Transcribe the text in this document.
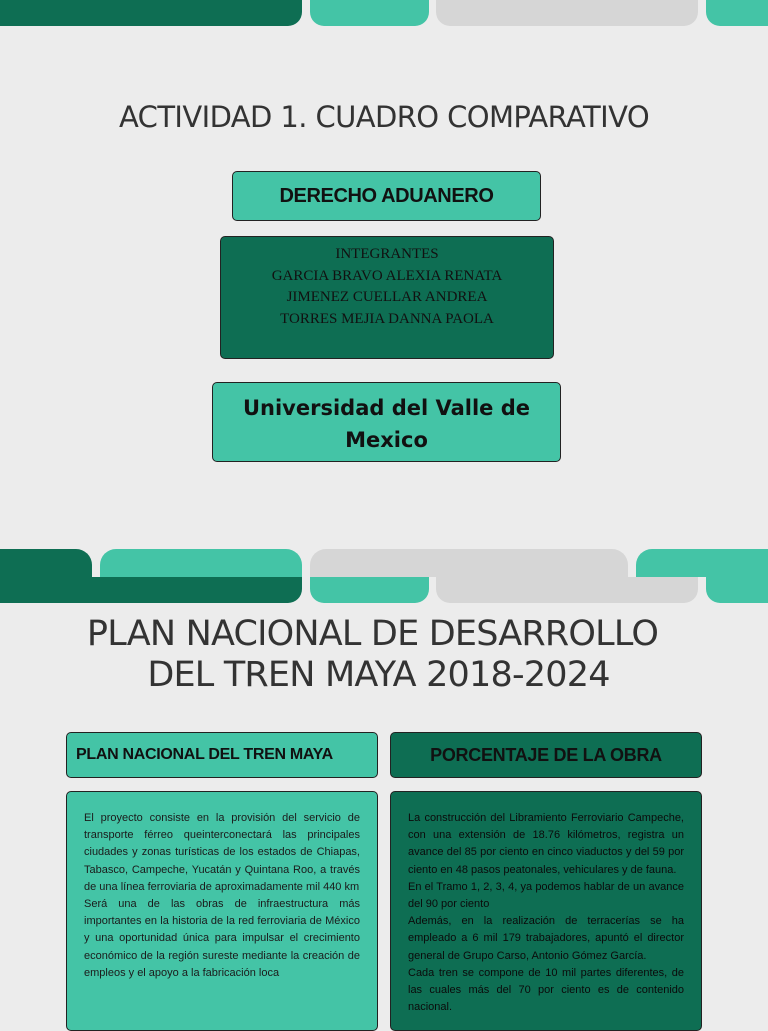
ACTIVIDAD 1. CUADRO COMPARATIVO
DERECHO ADUANERO
INTEGRANTES
GARCIA BRAVO ALEXIA RENATA
JIMENEZ CUELLAR ANDREA
TORRES MEJIA DANNA PAOLA
Universidad del Valle de Mexico
PLAN NACIONAL DE DESARROLLO
DEL TREN MAYA 2018-2024
PLAN NACIONAL DEL TREN MAYA	PORCENTAJE DE LA OBRA

El proyecto consiste en la provisión del servicio de transporte férreo queinterconectará las principales ciudades y zonas turísticas de los estados de Chiapas, Tabasco, Campeche, Yucatán y Quintana Roo, a través de una línea ferroviaria de aproximadamente mil 440 km

Será una de las obras de infraestructura más importantes en la historia de la red ferroviaria de México y una oportunidad única para impulsar el crecimiento económico de la región sureste mediante la creación de empleos y el apoyo a la fabricación loca

La construcción del Libramiento Ferroviario Campeche, con una extensión de 18.76 kilómetros, registra un avance del 85 por ciento en cinco viaductos y del 59 por ciento en 48 pasos peatonales, vehiculares y de fauna.

En el Tramo 1, 2, 3, 4, ya podemos hablar de un avance del 90 por ciento

Además, en la realización de terracerías se ha empleado a 6 mil 179 trabajadores, apuntó el director general de Grupo Carso, Antonio Gómez García.

Cada tren se compone de 10 mil partes diferentes, de las cuales más del 70 por ciento es de contenido nacional.
